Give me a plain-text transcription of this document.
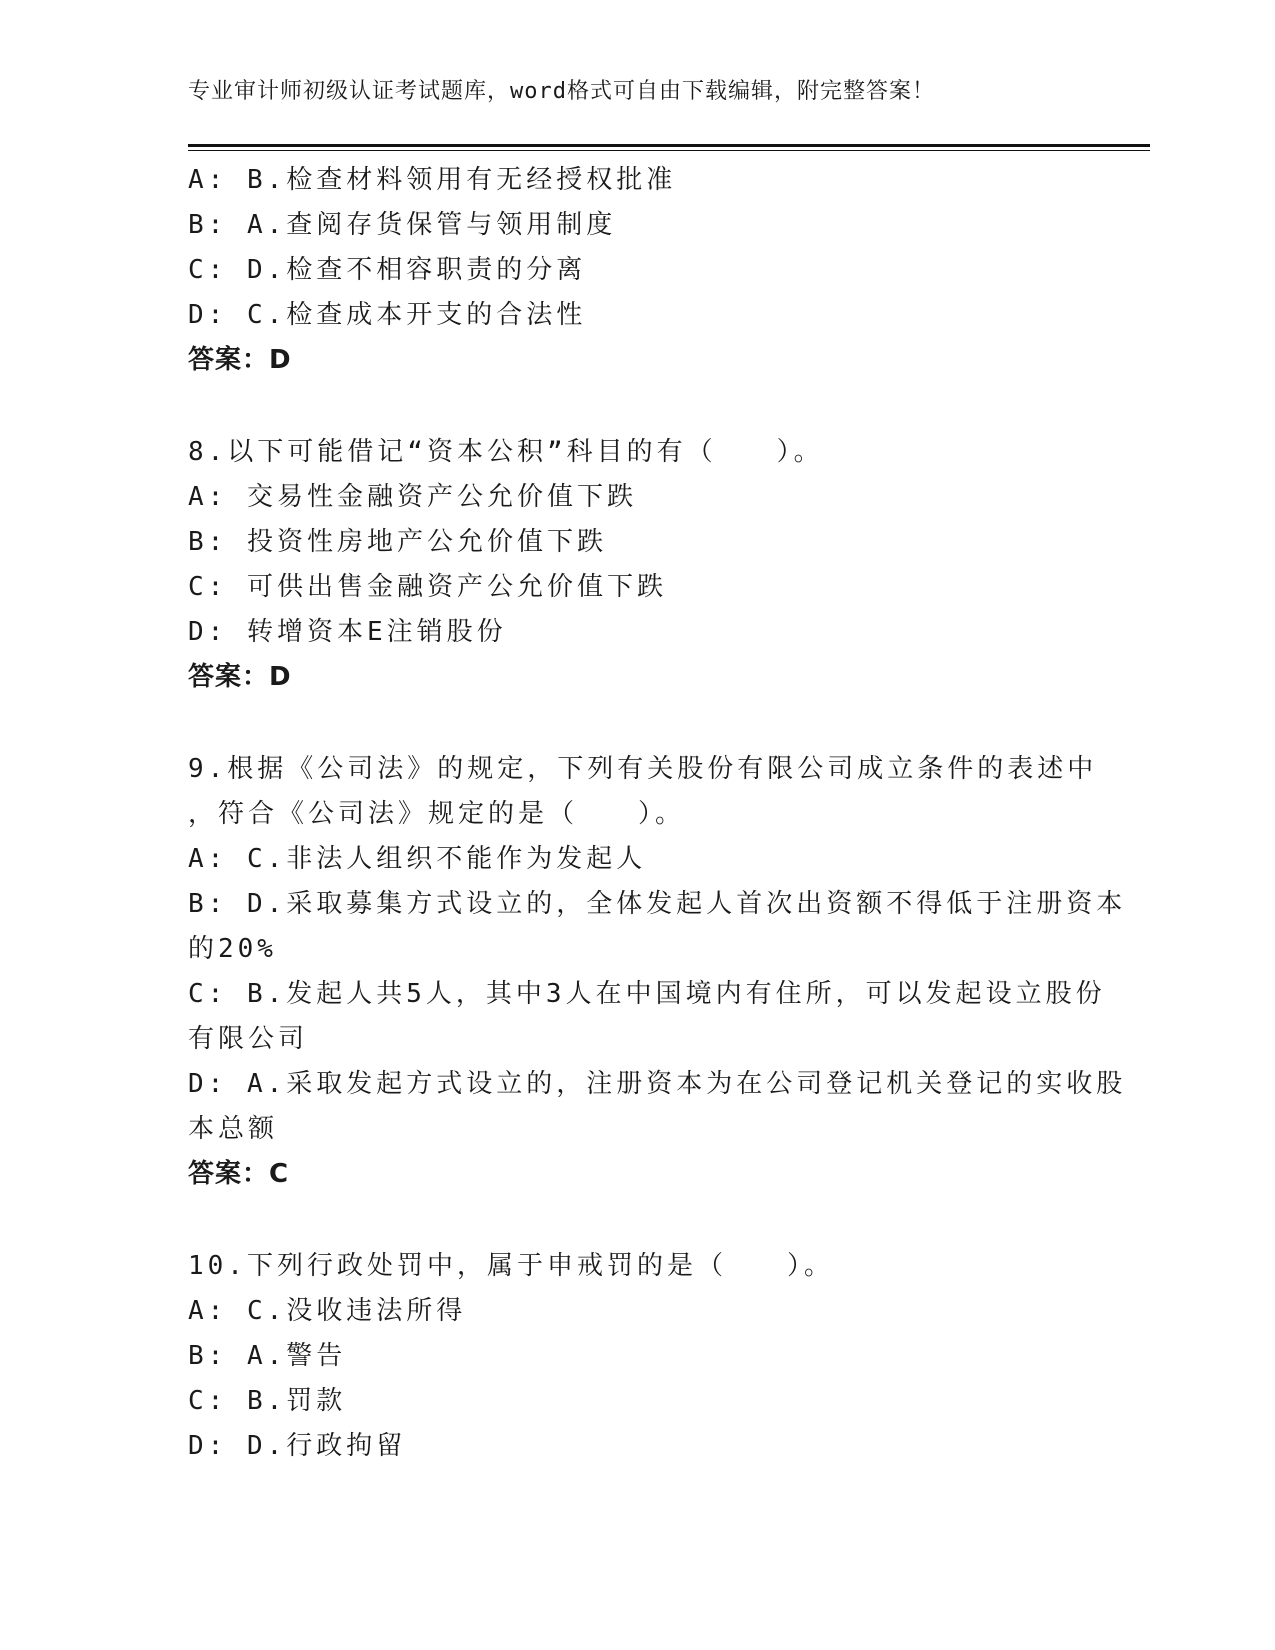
专业审计师初级认证考试题库，word格式可自由下载编辑，附完整答案！
A: B.检查材料领用有无经授权批准
B: A.查阅存货保管与领用制度
C: D.检查不相容职责的分离
D: C.检查成本开支的合法性
答案：D
8.以下可能借记“资本公积”科目的有（　　）。
A: 交易性金融资产公允价值下跌
B: 投资性房地产公允价值下跌
C: 可供出售金融资产公允价值下跌
D: 转增资本E注销股份
答案：D
9.根据《公司法》的规定，下列有关股份有限公司成立条件的表述中
，符合《公司法》规定的是（　　）。
A: C.非法人组织不能作为发起人
B: D.采取募集方式设立的，全体发起人首次出资额不得低于注册资本
的20%
C: B.发起人共5人，其中3人在中国境内有住所，可以发起设立股份
有限公司
D: A.采取发起方式设立的，注册资本为在公司登记机关登记的实收股
本总额
答案：C
10.下列行政处罚中，属于申戒罚的是（　　）。
A: C.没收违法所得
B: A.警告
C: B.罚款
D: D.行政拘留
